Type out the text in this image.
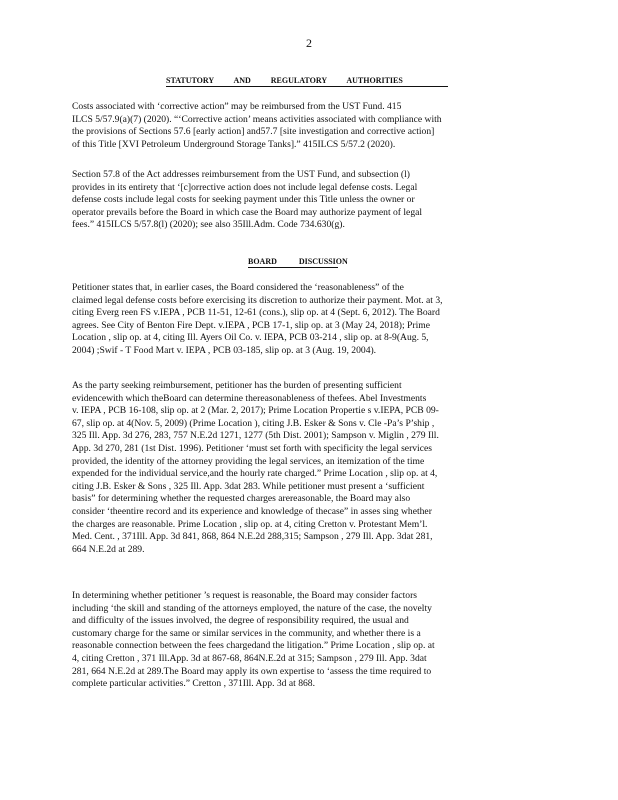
2
STATUTORY AND REGULATORY AUTHORITIES

Costs associated with ‘corrective action” may be reimbursed from the UST Fund. 415

ILCS 5/57.9(a)(7) (2020). “‘Corrective action’ means activities associated with compliance with

the provisions of Sections 57.6 [early action] and57.7 [site investigation and corrective action]

of this Title [XVI Petroleum Underground Storage Tanks].” 415ILCS 5/57.2 (2020).

Section 57.8 of the Act addresses reimbursement from the UST Fund, and subsection (l)

provides in its entirety that ‘[c]orrective action does not include legal defense costs. Legal

defense costs include legal costs for seeking payment under this Title unless the owner or

operator prevails before the Board in which case the Board may authorize payment of legal

fees.” 415ILCS 5/57.8(l) (2020); see also 35Ill.Adm. Code 734.630(g).

BOARD DISCUSSION

Petitioner states that, in earlier cases, the Board considered the ‘reasonableness” of the

claimed legal defense costs before exercising its discretion to authorize their payment. Mot. at 3,

citing Everg reen FS v.IEPA , PCB 11-51, 12-61 (cons.), slip op. at 4 (Sept. 6, 2012). The Board

agrees. See City of Benton Fire Dept. v.IEPA , PCB 17-1, slip op. at 3 (May 24, 2018); Prime

Location , slip op. at 4, citing Ill. Ayers Oil Co. v. IEPA, PCB 03-214 , slip op. at 8-9(Aug. 5,

2004) ;Swif - T Food Mart v. IEPA , PCB 03-185, slip op. at 3 (Aug. 19, 2004).

As the party seeking reimbursement, petitioner has the burden of presenting sufficient

evidencewith which theBoard can determine thereasonableness of thefees. Abel Investments

v. IEPA , PCB 16-108, slip op. at 2 (Mar. 2, 2017); Prime Location Propertie s v.IEPA, PCB 09-

67, slip op. at 4(Nov. 5, 2009) (Prime Location ), citing J.B. Esker & Sons v. Cle -Pa’s P’ship ,

325 Ill. App. 3d 276, 283, 757 N.E.2d 1271, 1277 (5th Dist. 2001); Sampson v. Miglin , 279 Ill.

App. 3d 270, 281 (1st Dist. 1996). Petitioner ‘must set forth with specificity the legal services

provided, the identity of the attorney providing the legal services, an itemization of the time

expended for the individual service,and the hourly rate charged.” Prime Location , slip op. at 4,

citing J.B. Esker & Sons , 325 Ill. App. 3dat 283. While petitioner must present a ‘sufficient

basis” for determining whether the requested charges arereasonable, the Board may also

consider ‘theentire record and its experience and knowledge of thecase” in asses sing whether

the charges are reasonable. Prime Location , slip op. at 4, citing Cretton v. Protestant Mem’l.

Med. Cent. , 371Ill. App. 3d 841, 868, 864 N.E.2d 288,315; Sampson , 279 Ill. App. 3dat 281,

664 N.E.2d at 289.

In determining whether petitioner ’s request is reasonable, the Board may consider factors

including ‘the skill and standing of the attorneys employed, the nature of the case, the novelty

and difficulty of the issues involved, the degree of responsibility required, the usual and

customary charge for the same or similar services in the community, and whether there is a

reasonable connection between the fees chargedand the litigation.” Prime Location , slip op. at

4, citing Cretton , 371 Ill.App. 3d at 867-68, 864N.E.2d at 315; Sampson , 279 Ill. App. 3dat

281, 664 N.E.2d at 289.The Board may apply its own expertise to ‘assess the time required to

complete particular activities.” Cretton , 371Ill. App. 3d at 868.
